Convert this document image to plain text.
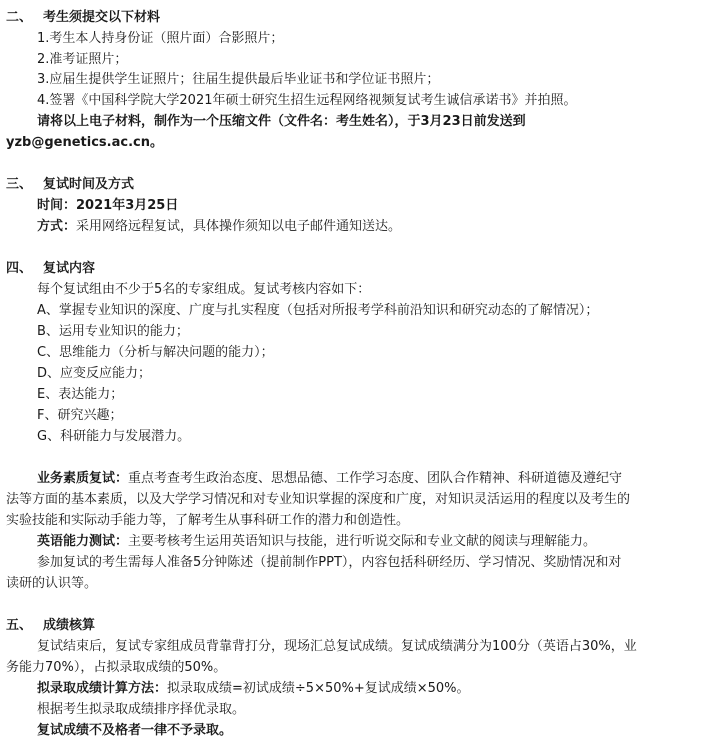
二、 考生须提交以下材料
1.考生本人持身份证（照片面）合影照片；
2.准考证照片；
3.应届生提供学生证照片；往届生提供最后毕业证书和学位证书照片；
4.签署《中国科学院大学2021年硕士研究生招生远程网络视频复试考生诚信承诺书》并拍照。
请将以上电子材料，制作为一个压缩文件（文件名：考生姓名），于3月23日前发送到
yzb@genetics.ac.cn。
三、 复试时间及方式
时间：2021年3月25日
方式：采用网络远程复试，具体操作须知以电子邮件通知送达。
四、 复试内容
每个复试组由不少于5名的专家组成。复试考核内容如下：
A、掌握专业知识的深度、广度与扎实程度（包括对所报考学科前沿知识和研究动态的了解情况）；
B、运用专业知识的能力；
C、思维能力（分析与解决问题的能力）；
D、应变反应能力；
E、表达能力；
F、研究兴趣；
G、科研能力与发展潜力。
业务素质复试：重点考查考生政治态度、思想品德、工作学习态度、团队合作精神、科研道德及遵纪守
法等方面的基本素质，以及大学学习情况和对专业知识掌握的深度和广度，对知识灵活运用的程度以及考生的
实验技能和实际动手能力等，了解考生从事科研工作的潜力和创造性。
英语能力测试：主要考核考生运用英语知识与技能，进行听说交际和专业文献的阅读与理解能力。
参加复试的考生需每人准备5分钟陈述（提前制作PPT），内容包括科研经历、学习情况、奖励情况和对
读研的认识等。
五、 成绩核算
复试结束后，复试专家组成员背靠背打分，现场汇总复试成绩。复试成绩满分为100分（英语占30%，业
务能力70%），占拟录取成绩的50%。
拟录取成绩计算方法：拟录取成绩=初试成绩÷5×50%+复试成绩×50%。
根据考生拟录取成绩排序择优录取。
复试成绩不及格者一律不予录取。
